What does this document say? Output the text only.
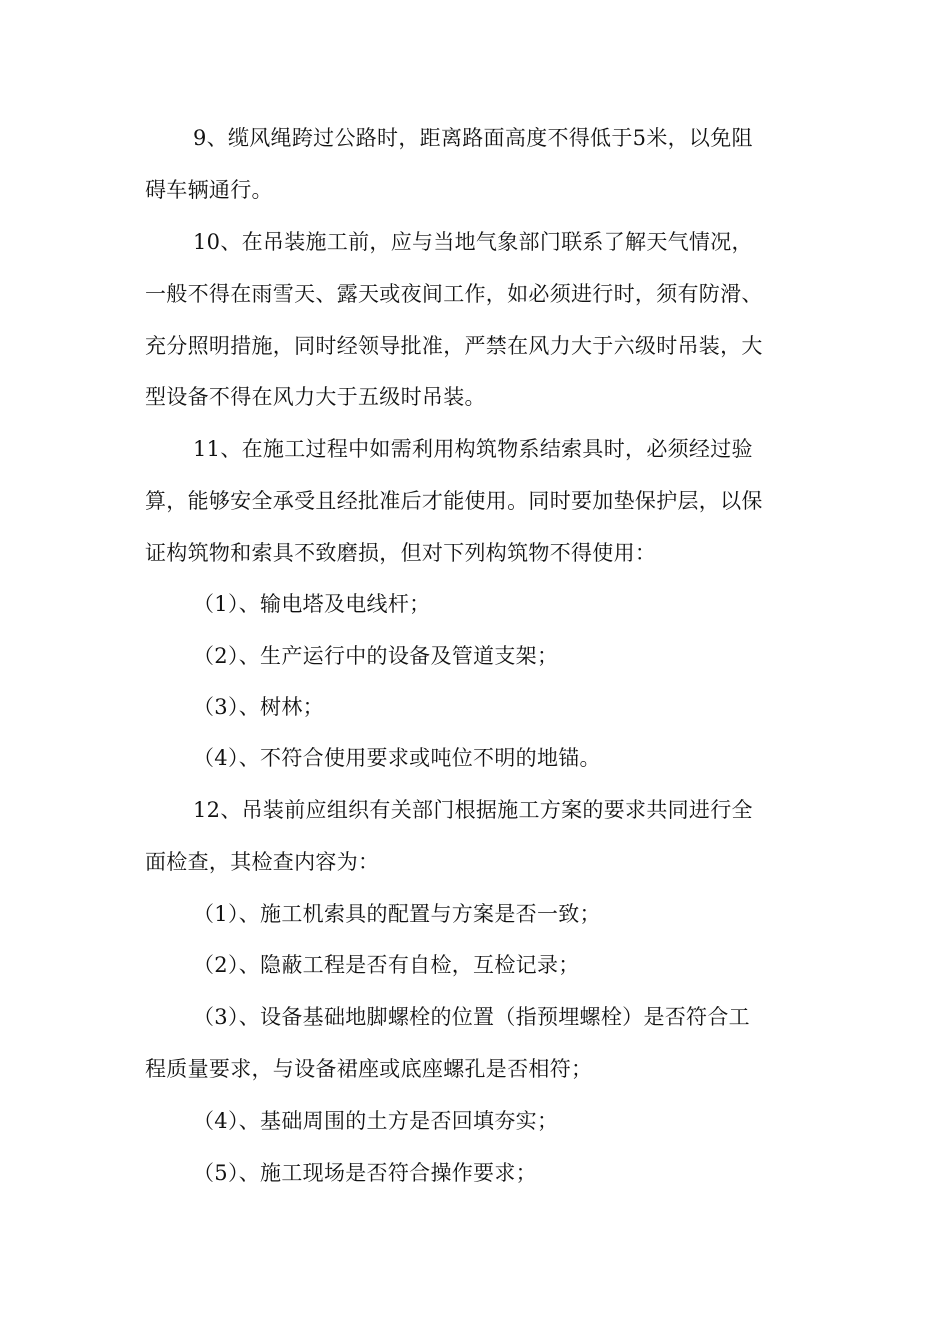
9、缆风绳跨过公路时，距离路面高度不得低于5米，以免阻
碍车辆通行。
10、在吊装施工前，应与当地气象部门联系了解天气情况，
一般不得在雨雪天、露天或夜间工作，如必须进行时，须有防滑、
充分照明措施，同时经领导批准，严禁在风力大于六级时吊装，大
型设备不得在风力大于五级时吊装。
11、在施工过程中如需利用构筑物系结索具时，必须经过验
算，能够安全承受且经批准后才能使用。同时要加垫保护层，以保
证构筑物和索具不致磨损，但对下列构筑物不得使用：
（1）、输电塔及电线杆；
（2）、生产运行中的设备及管道支架；
（3）、树林；
（4）、不符合使用要求或吨位不明的地锚。
12、吊装前应组织有关部门根据施工方案的要求共同进行全
面检查，其检查内容为：
（1）、施工机索具的配置与方案是否一致；
（2）、隐蔽工程是否有自检，互检记录；
（3）、设备基础地脚螺栓的位置（指预埋螺栓）是否符合工
程质量要求，与设备裙座或底座螺孔是否相符；
（4）、基础周围的土方是否回填夯实；
（5）、施工现场是否符合操作要求；
